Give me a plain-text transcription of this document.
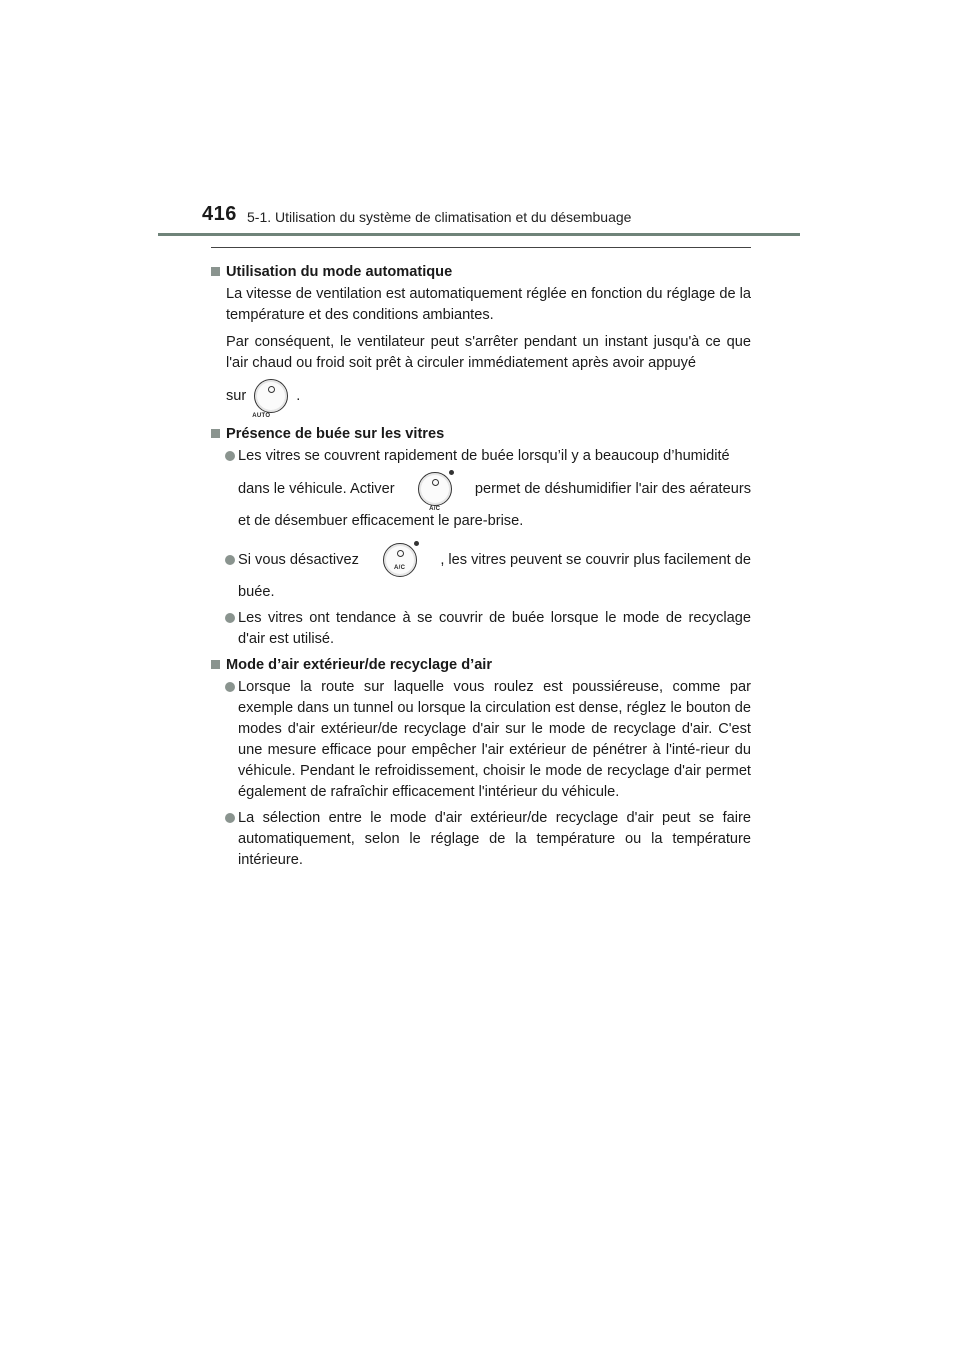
416 5-1. Utilisation du système de climatisation et du désembuage
Utilisation du mode automatique

La vitesse de ventilation est automatiquement réglée en fonction du réglage de la température et des conditions ambiantes.

Par conséquent, le ventilateur peut s'arrêter pendant un instant jusqu'à ce que l'air chaud ou froid soit prêt à circuler immédiatement après avoir appuyé

sur
AUTO
.

Présence de buée sur les vitres
Les vitres se couvrent rapidement de buée lorsqu’il y a beaucoup d’humidité
dans le véhicule. Activer
A/C
permet de déshumidifier l'air des aérateurs
et de désembuer efficacement le pare-brise.
Si vous désactivez
A/C
, les vitres peuvent se couvrir plus facilement de
buée.
Les vitres ont tendance à se couvrir de buée lorsque le mode de recyclage d'air est utilisé.
Mode d’air extérieur/de recyclage d’air
Lorsque la route sur laquelle vous roulez est poussiéreuse, comme par exemple dans un tunnel ou lorsque la circulation est dense, réglez le bouton de modes d'air extérieur/de recyclage d'air sur le mode de recyclage d'air. C'est une mesure efficace pour empêcher l'air extérieur de pénétrer à l'inté-rieur du véhicule. Pendant le refroidissement, choisir le mode de recyclage d'air permet également de rafraîchir efficacement l'intérieur du véhicule.
La sélection entre le mode d'air extérieur/de recyclage d'air peut se faire automatiquement, selon le réglage de la température ou la température intérieure.
